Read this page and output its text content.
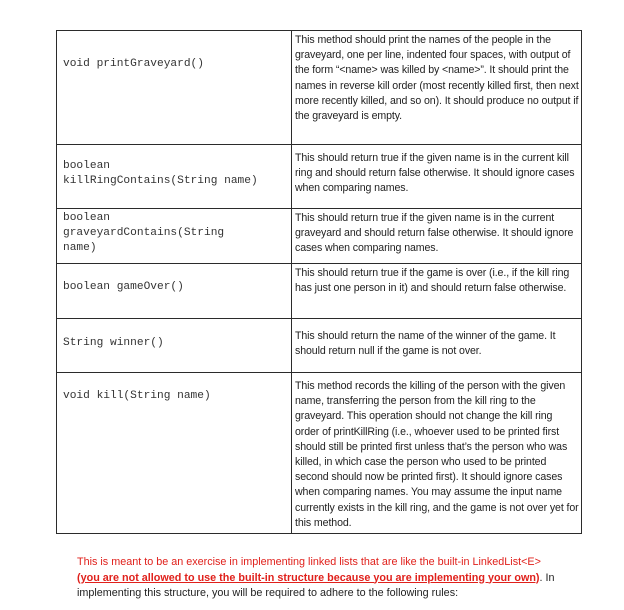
void printGraveyard()	This method should print the names of the people in the graveyard, one per line, indented four spaces, with output of the form “<name> was killed by <name>”. It should print the names in reverse kill order (most recently killed first, then next more recently killed, and so on). It should produce no output if the graveyard is empty.

boolean
killRingContains(String name)	This should return true if the given name is in the current kill ring and should return false otherwise. It should ignore cases when comparing names.

boolean
graveyardContains(String
name)	This should return true if the given name is in the current graveyard and should return false otherwise. It should ignore cases when comparing names.

boolean gameOver()	This should return true if the game is over (i.e., if the kill ring has just one person in it) and should return false otherwise.

String winner()	This should return the name of the winner of the game. It should return null if the game is not over.

void kill(String name)	This method records the killing of the person with the given name, transferring the person from the kill ring to the graveyard. This operation should not change the kill ring order of printKillRing (i.e., whoever used to be printed first should still be printed first unless that’s the person who was killed, in which case the person who used to be printed second should now be printed first). It should ignore cases when comparing names. You may assume the input name currently exists in the kill ring, and the game is not over yet for this method.
This is meant to be an exercise in implementing linked lists that are like the built-in LinkedList<E>
(you are not allowed to use the built-in structure because you are implementing your own). In implementing this structure, you will be required to adhere to the following rules:
